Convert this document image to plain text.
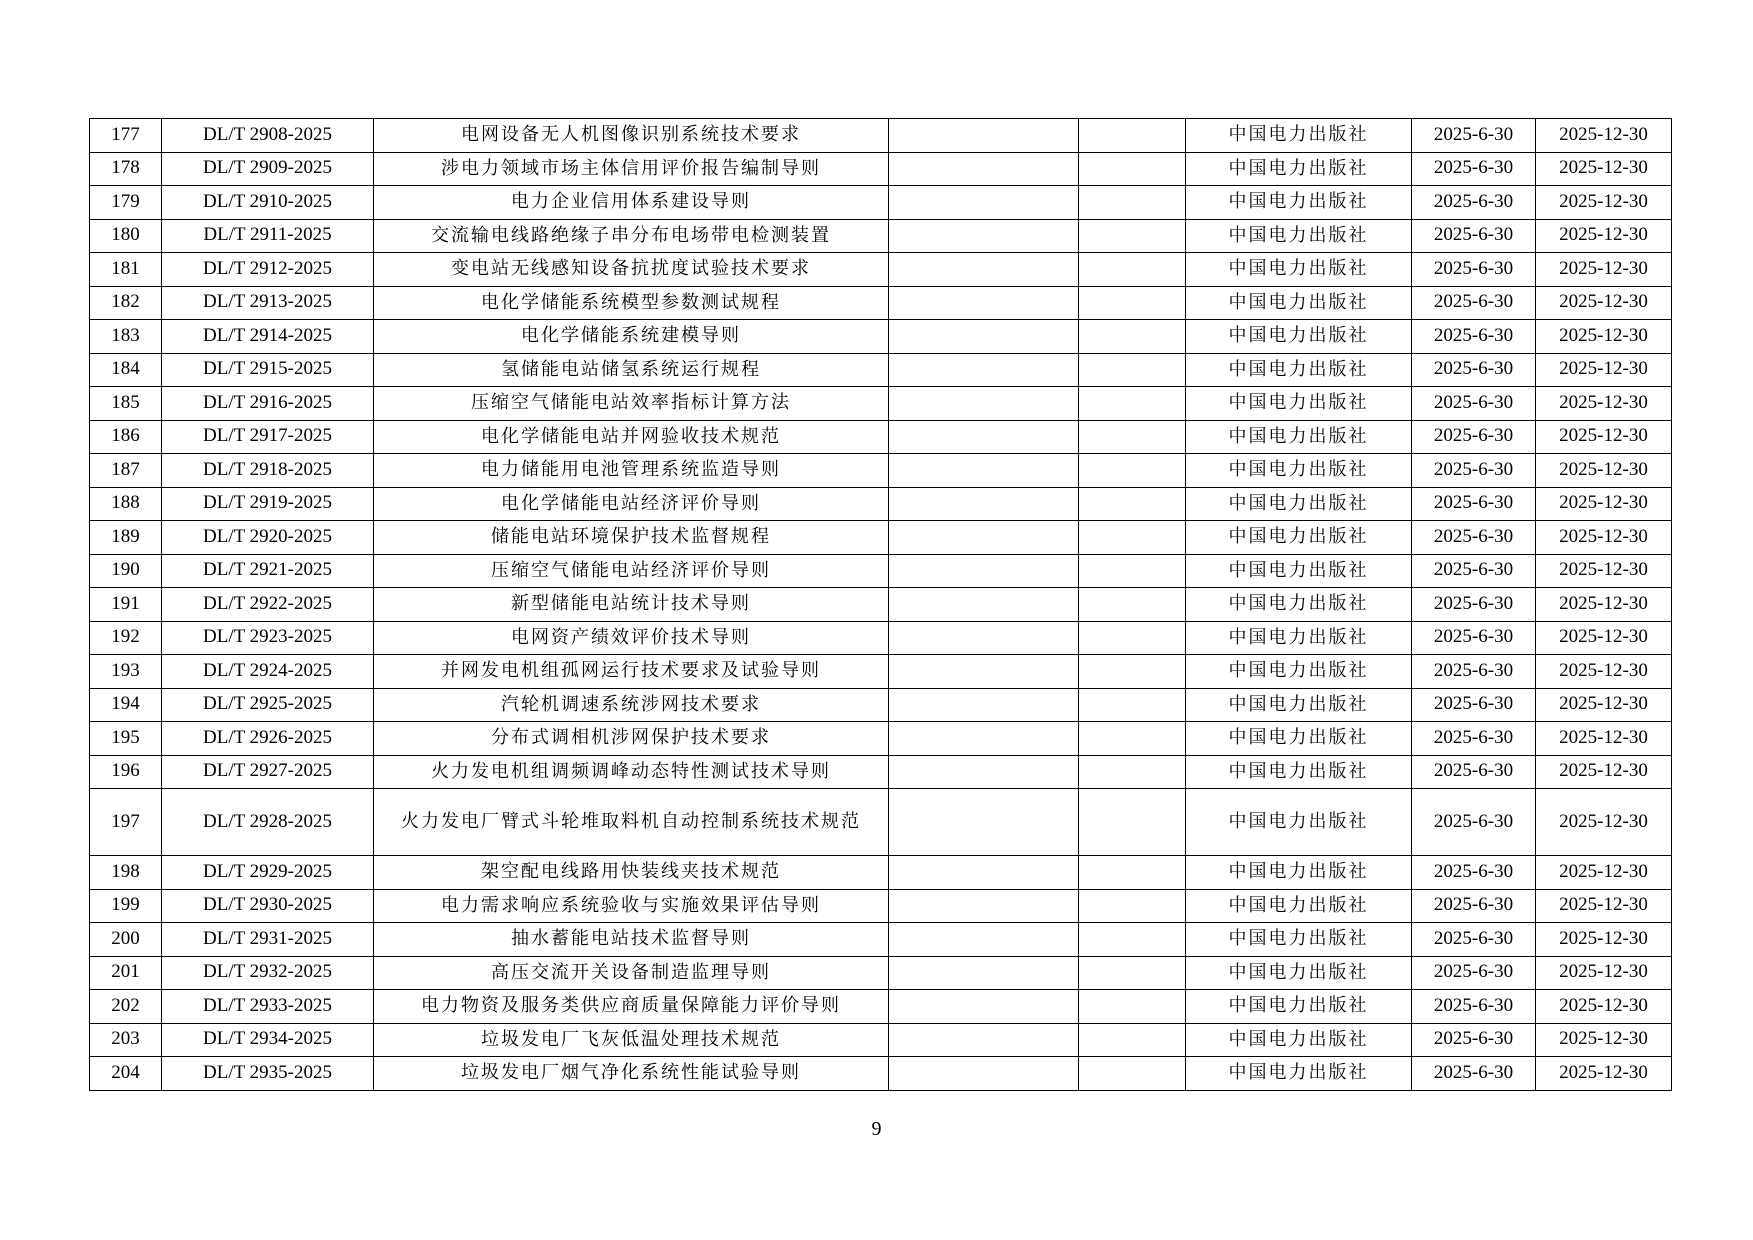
177	DL/T 2908-2025	电网设备无人机图像识别系统技术要求			中国电力出版社	2025-6-30	2025-12-30
178	DL/T 2909-2025	涉电力领域市场主体信用评价报告编制导则			中国电力出版社	2025-6-30	2025-12-30
179	DL/T 2910-2025	电力企业信用体系建设导则			中国电力出版社	2025-6-30	2025-12-30
180	DL/T 2911-2025	交流输电线路绝缘子串分布电场带电检测装置			中国电力出版社	2025-6-30	2025-12-30
181	DL/T 2912-2025	变电站无线感知设备抗扰度试验技术要求			中国电力出版社	2025-6-30	2025-12-30
182	DL/T 2913-2025	电化学储能系统模型参数测试规程			中国电力出版社	2025-6-30	2025-12-30
183	DL/T 2914-2025	电化学储能系统建模导则			中国电力出版社	2025-6-30	2025-12-30
184	DL/T 2915-2025	氢储能电站储氢系统运行规程			中国电力出版社	2025-6-30	2025-12-30
185	DL/T 2916-2025	压缩空气储能电站效率指标计算方法			中国电力出版社	2025-6-30	2025-12-30
186	DL/T 2917-2025	电化学储能电站并网验收技术规范			中国电力出版社	2025-6-30	2025-12-30
187	DL/T 2918-2025	电力储能用电池管理系统监造导则			中国电力出版社	2025-6-30	2025-12-30
188	DL/T 2919-2025	电化学储能电站经济评价导则			中国电力出版社	2025-6-30	2025-12-30
189	DL/T 2920-2025	储能电站环境保护技术监督规程			中国电力出版社	2025-6-30	2025-12-30
190	DL/T 2921-2025	压缩空气储能电站经济评价导则			中国电力出版社	2025-6-30	2025-12-30
191	DL/T 2922-2025	新型储能电站统计技术导则			中国电力出版社	2025-6-30	2025-12-30
192	DL/T 2923-2025	电网资产绩效评价技术导则			中国电力出版社	2025-6-30	2025-12-30
193	DL/T 2924-2025	并网发电机组孤网运行技术要求及试验导则			中国电力出版社	2025-6-30	2025-12-30
194	DL/T 2925-2025	汽轮机调速系统涉网技术要求			中国电力出版社	2025-6-30	2025-12-30
195	DL/T 2926-2025	分布式调相机涉网保护技术要求			中国电力出版社	2025-6-30	2025-12-30
196	DL/T 2927-2025	火力发电机组调频调峰动态特性测试技术导则			中国电力出版社	2025-6-30	2025-12-30
197	DL/T 2928-2025	火力发电厂臂式斗轮堆取料机自动控制系统技术规范			中国电力出版社	2025-6-30	2025-12-30
198	DL/T 2929-2025	架空配电线路用快装线夹技术规范			中国电力出版社	2025-6-30	2025-12-30
199	DL/T 2930-2025	电力需求响应系统验收与实施效果评估导则			中国电力出版社	2025-6-30	2025-12-30
200	DL/T 2931-2025	抽水蓄能电站技术监督导则			中国电力出版社	2025-6-30	2025-12-30
201	DL/T 2932-2025	高压交流开关设备制造监理导则			中国电力出版社	2025-6-30	2025-12-30
202	DL/T 2933-2025	电力物资及服务类供应商质量保障能力评价导则			中国电力出版社	2025-6-30	2025-12-30
203	DL/T 2934-2025	垃圾发电厂飞灰低温处理技术规范			中国电力出版社	2025-6-30	2025-12-30
204	DL/T 2935-2025	垃圾发电厂烟气净化系统性能试验导则			中国电力出版社	2025-6-30	2025-12-30
9
